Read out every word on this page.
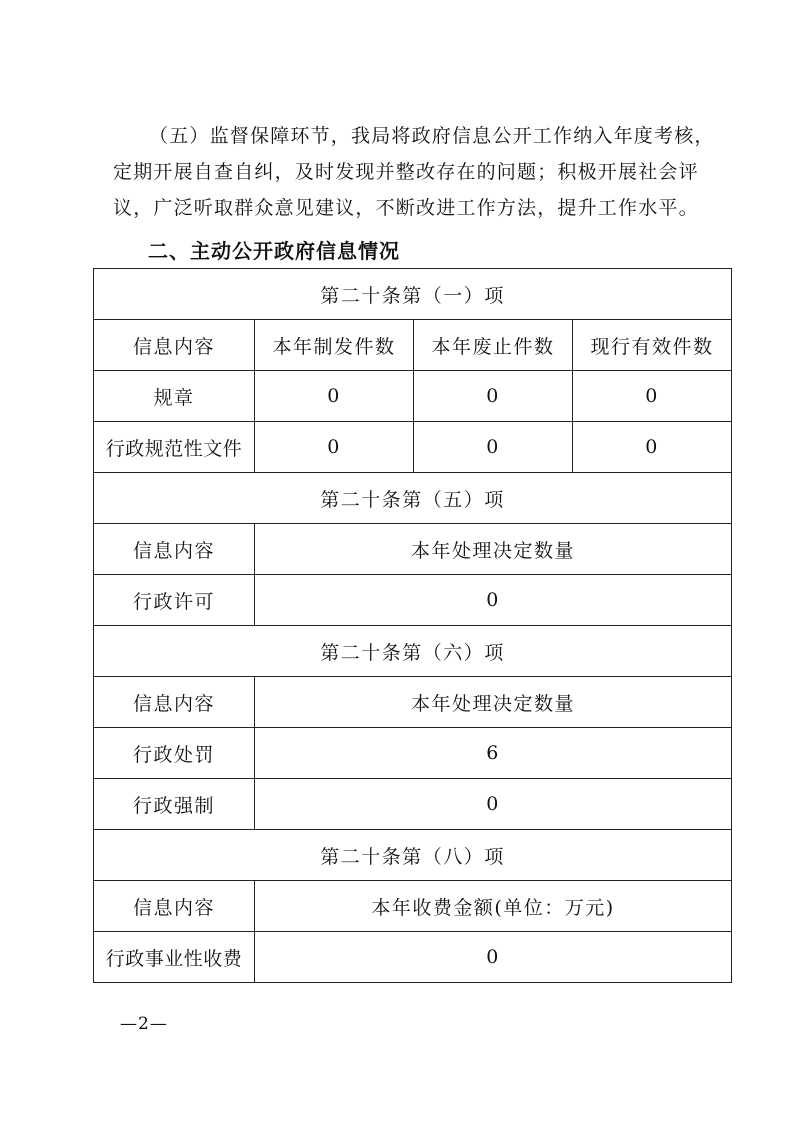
（五）监督保障环节，我局将政府信息公开工作纳入年度考核，
定期开展自查自纠，及时发现并整改存在的问题；积极开展社会评
议，广泛听取群众意见建议，不断改进工作方法，提升工作水平。
二、主动公开政府信息情况
第二十条第（一）项			
信息内容	本年制发件数	本年废止件数	现行有效件数
规章	0	0	0
行政规范性文件	0	0	0
第二十条第（五）项			
信息内容	本年处理决定数量		
行政许可	0		
第二十条第（六）项			
信息内容	本年处理决定数量		
行政处罚	6		
行政强制	0		
第二十条第（八）项			
信息内容	本年收费金额(单位：万元)		
行政事业性收费	0		
—2—
